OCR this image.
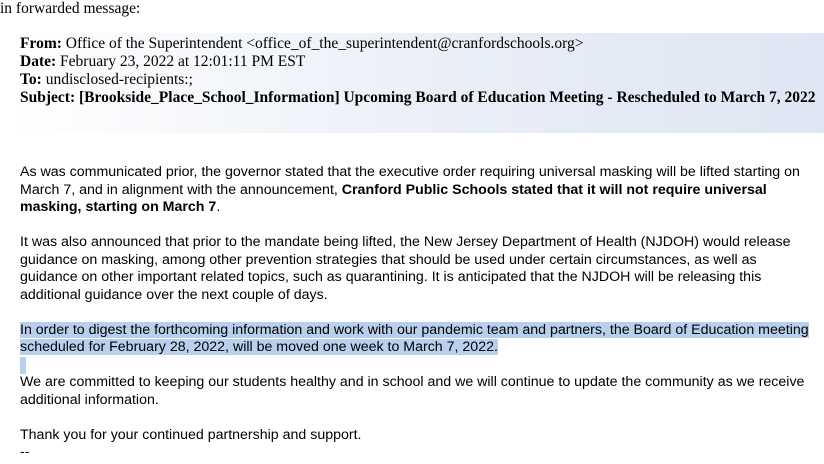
in forwarded message:
From: Office of the Superintendent <office_of_the_superintendent@cranfordschools.org>
Date: February 23, 2022 at 12:01:11 PM EST
To: undisclosed-recipients:;
Subject: [Brookside_Place_School_Information] Upcoming Board of Education Meeting - Rescheduled to March 7, 2022

As was communicated prior, the governor stated that the executive order requiring universal masking will be lifted starting on March 7, and in alignment with the announcement, Cranford Public Schools stated that it will not require universal masking, starting on March 7.

It was also announced that prior to the mandate being lifted, the New Jersey Department of Health (NJDOH) would release guidance on masking, among other prevention strategies that should be used under certain circumstances, as well as guidance on other important related topics, such as quarantining. It is anticipated that the NJDOH will be releasing this additional guidance over the next couple of days.

In order to digest the forthcoming information and work with our pandemic team and partners, the Board of Education meeting scheduled for February 28, 2022, will be moved one week to March 7, 2022.

We are committed to keeping our students healthy and in school and we will continue to update the community as we receive additional information.

Thank you for your continued partnership and support.

--
